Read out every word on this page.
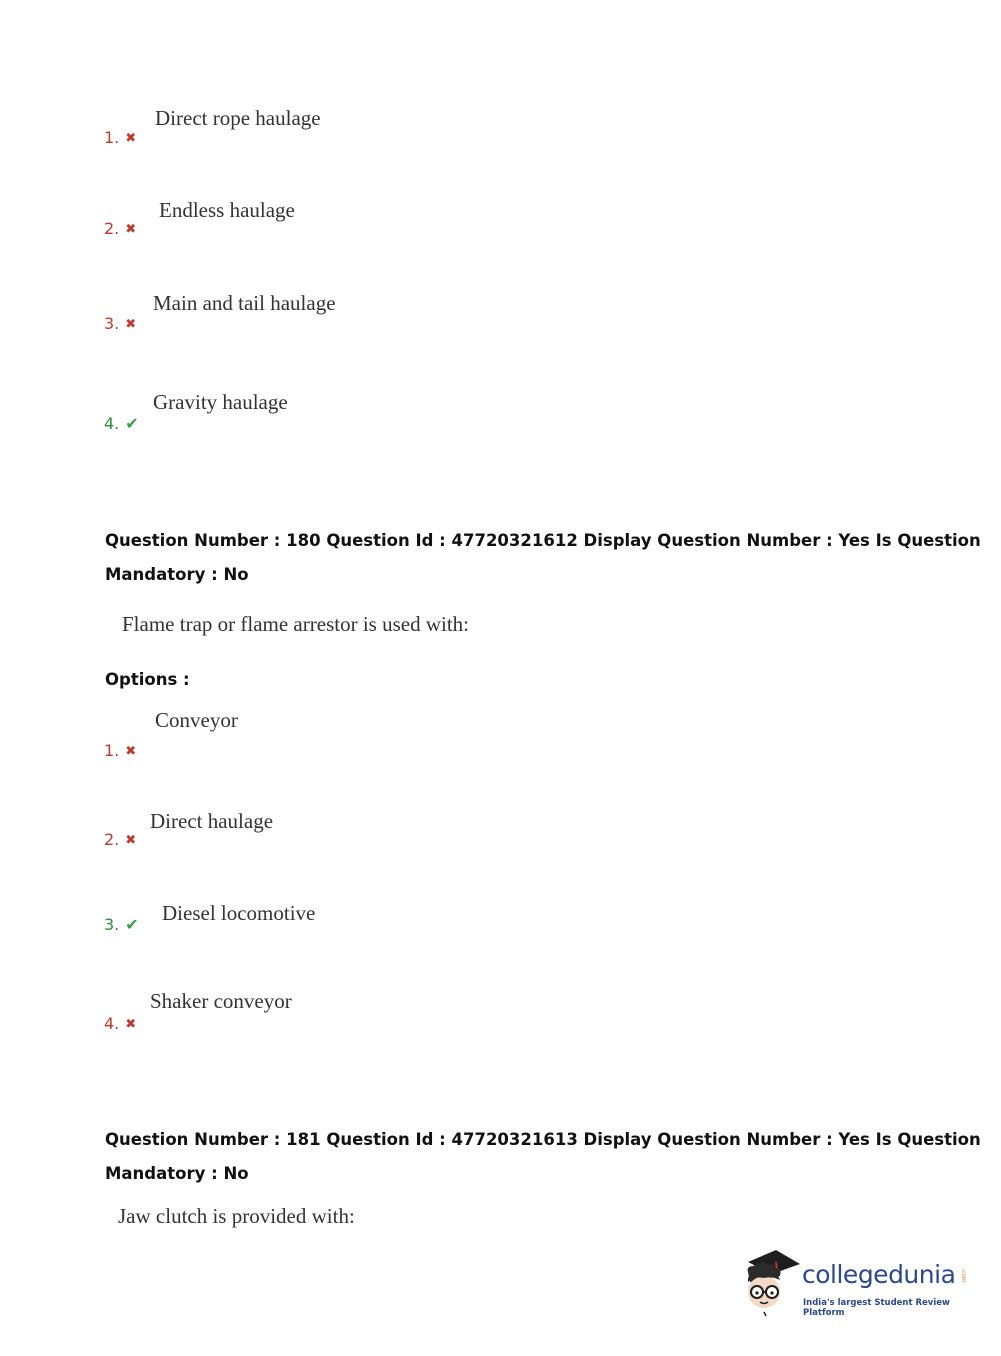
Direct rope haulage
1. ✖
Endless haulage
2. ✖
Main and tail haulage
3. ✖
Gravity haulage
4. ✔
Question Number : 180 Question Id : 47720321612 Display Question Number : Yes Is Question
Mandatory : No
Flame trap or flame arrestor is used with:
Options :
Conveyor
1. ✖
Direct haulage
2. ✖
Diesel locomotive
3. ✔
Shaker conveyor
4. ✖
Question Number : 181 Question Id : 47720321613 Display Question Number : Yes Is Question
Mandatory : No
Jaw clutch is provided with:
collegedunia .com
India's largest Student Review Platform
